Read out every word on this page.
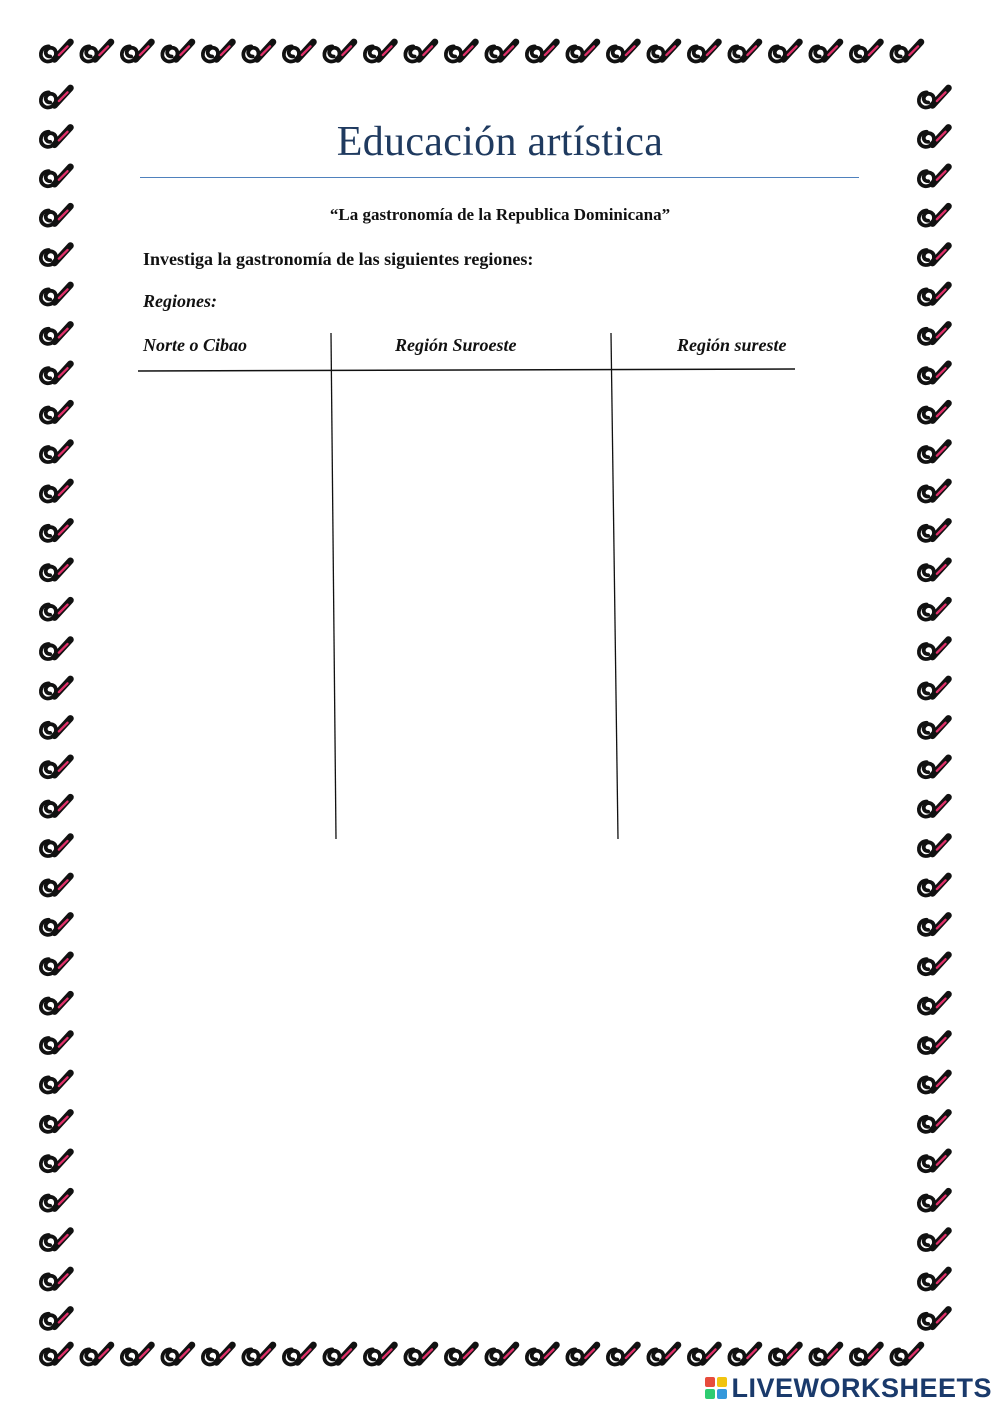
Educación artística

“La gastronomía de la Republica Dominicana”

Investiga la gastronomía de las siguientes regiones:

Regiones:

Norte o Cibao	Región Suroeste	Región sureste

LIVEWORKSHEETS
